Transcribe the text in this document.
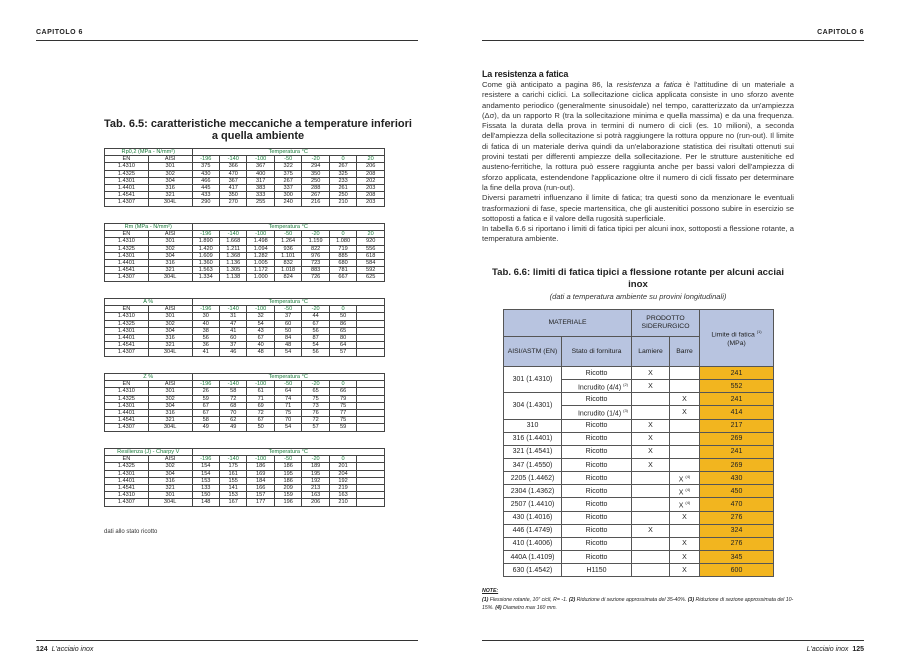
CAPITOLO 6
Tab. 6.5: caratteristiche meccaniche a temperature inferiori a quella ambiente
Rp0,2 (MPa - N/mm²)		Temperatura °C						
EN	AISI	-196	-140	-100	-50	-20	0	20
1.4310	301	375	366	367	322	294	267	206
1.4325	302	430	470	400	375	350	325	208
1.4301	304	466	367	317	267	250	233	202
1.4401	316	445	417	383	337	288	261	203
1.4541	321	433	350	333	300	267	250	208
1.4307	304L	290	270	255	240	216	210	203
Rm (MPa - N/mm²)		Temperatura °C						
EN	AISI	-196	-140	-100	-50	-20	0	20
1.4310	301	1.890	1.668	1.498	1.264	1.159	1.080	920
1.4325	302	1.420	1.211	1.094	936	822	719	556
1.4301	304	1.609	1.368	1.282	1.101	976	885	618
1.4401	316	1.360	1.136	1.005	832	723	680	584
1.4541	321	1.563	1.305	1.172	1.018	883	781	592
1.4307	304L	1.334	1.138	1.000	824	726	667	625
A %		Temperatura °C						
EN	AISI	-196	-140	-100	-50	-20	0	
1.4310	301	30	31	32	37	44	50	
1.4325	302	40	47	54	60	67	86	
1.4301	304	38	41	43	50	56	65	
1.4401	316	56	60	67	84	87	80	
1.4541	321	36	37	40	48	54	64	
1.4307	304L	41	46	48	54	56	57	
Z %		Temperatura °C						
EN	AISI	-196	-140	-100	-50	-20	0	
1.4310	301	26	58	61	64	65	66	
1.4325	302	59	72	71	74	75	79	
1.4301	304	67	68	69	71	73	75	
1.4401	316	67	70	72	75	76	77	
1.4541	321	58	62	67	70	72	75	
1.4307	304L	49	49	50	54	57	59	
Resilienza (J) - Charpy V		Temperatura °C						
EN	AISI	-196	-140	-100	-50	-20	0	
1.4325	302	154	175	186	186	189	201	
1.4301	304	154	161	169	195	195	204	
1.4401	316	153	155	184	186	192	192	
1.4541	321	133	141	166	209	213	219	
1.4310	301	150	153	157	159	163	163	
1.4307	304L	148	167	177	196	206	210	
dati allo stato ricotto
124 L'acciaio inox
CAPITOLO 6
L'acciaio inox 125
La resistenza a fatica

Come già anticipato a pagina 86, la resistenza a fatica è l'attitudine di un materiale a resistere a carichi ciclici. La sollecitazione ciclica applicata consiste in uno sforzo avente andamento periodico (generalmente sinusoidale) nel tempo, caratterizzato da un'ampiezza (Δσ), da un rapporto R (tra la sollecitazione minima e quella massima) e da una frequenza. Fissata la durata della prova in termini di numero di cicli (es. 10 milioni), a seconda dell'ampiezza della sollecitazione si potrà raggiungere la rottura oppure no (run-out). Il limite di fatica di un materiale deriva quindi da un'elaborazione statistica dei risultati ottenuti sui provini testati per differenti ampiezze della sollecitazione. Per le strutture austenitiche ed austeno-ferritiche, la rottura può essere raggiunta anche per bassi valori dell'ampiezza di sforzo applicata, estendendone l'applicazione oltre il numero di cicli fissato per determinare la fine della prova (run-out).

Diversi parametri influenzano il limite di fatica; tra questi sono da menzionare le eventuali trasformazioni di fase, specie martensitica, che gli austenitici possono subire in esercizio se sottoposti a fatica e il valore della rugosità superficiale.

In tabella 6.6 si riportano i limiti di fatica tipici per alcuni inox, sottoposti a flessione rotante, a temperatura ambiente.

Tab. 6.6: limiti di fatica tipici a flessione rotante per alcuni acciai inox
(dati a temperatura ambiente su provini longitudinali)
MATERIALE		PRODOTTO SIDERURGICO		Limite di fatica $^{(1)}$
(MPa)
AISI/ASTM (EN)	Stato di fornitura	Lamiere	Barre	
301 (1.4310)	Ricotto	X		241
	Incrudito (4/4) $^{(2)}$	X		552
304 (1.4301)	Ricotto		X	241
	Incrudito (1/4) $^{(3)}$		X	414
310	Ricotto	X		217
316 (1.4401)	Ricotto	X		269
321 (1.4541)	Ricotto	X		241
347 (1.4550)	Ricotto	X		269
2205 (1.4462)	Ricotto		X $^{(4)}$	430
2304 (1.4362)	Ricotto		X $^{(4)}$	450
2507 (1.4410)	Ricotto		X $^{(4)}$	470
430 (1.4016)	Ricotto		X	276
446 (1.4749)	Ricotto	X		324
410 (1.4006)	Ricotto		X	276
440A (1.4109)	Ricotto		X	345
630 (1.4542)	H1150		X	600
NOTE:
(1) Flessione rotante, 10⁷ cicli, R= -1. (2) Riduzione di sezione approssimata del 35-40%. (3) Riduzione di sezione approssimata del 10-15%. (4) Diametro max 160 mm.
